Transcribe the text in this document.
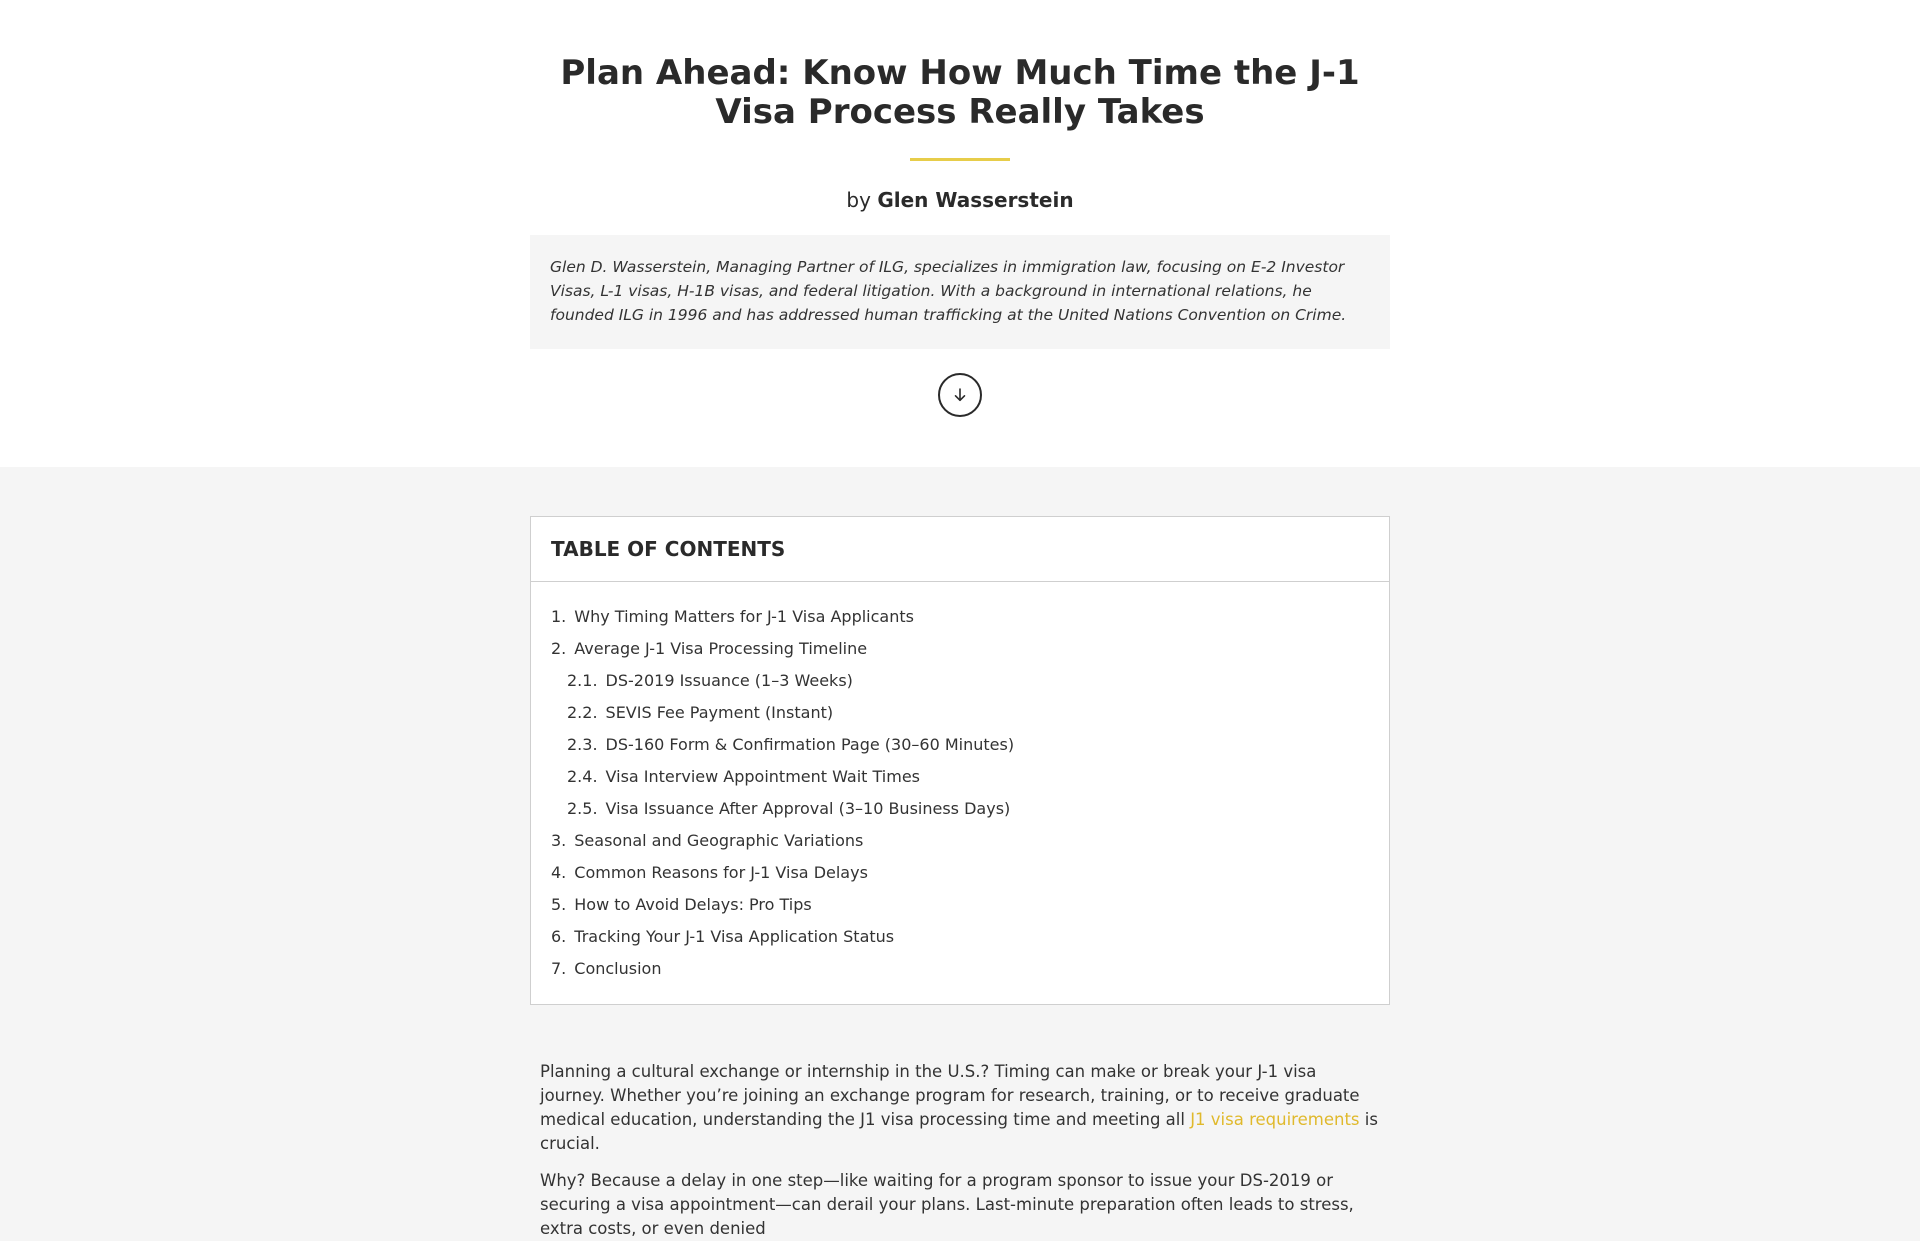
Plan Ahead: Know How Much Time the J-1 Visa Process Really Takes
by Glen Wasserstein
Glen D. Wasserstein, Managing Partner of ILG, specializes in immigration law, focusing on E-2 Investor Visas, L-1 visas, H-1B visas, and federal litigation. With a background in international relations, he founded ILG in 1996 and has addressed human trafficking at the United Nations Convention on Crime.
TABLE OF CONTENTS
1. Why Timing Matters for J-1 Visa Applicants
2. Average J-1 Visa Processing Timeline
2.1. DS-2019 Issuance (1–3 Weeks)
2.2. SEVIS Fee Payment (Instant)
2.3. DS-160 Form & Confirmation Page (30–60 Minutes)
2.4. Visa Interview Appointment Wait Times
2.5. Visa Issuance After Approval (3–10 Business Days)
3. Seasonal and Geographic Variations
4. Common Reasons for J-1 Visa Delays
5. How to Avoid Delays: Pro Tips
6. Tracking Your J-1 Visa Application Status
7. Conclusion

Planning a cultural exchange or internship in the U.S.? Timing can make or break your J-1 visa journey. Whether you’re joining an exchange program for research, training, or to receive graduate medical education, understanding the J1 visa processing time and meeting all J1 visa requirements is crucial.

Why? Because a delay in one step—like waiting for a program sponsor to issue your DS-2019 or securing a visa appointment—can derail your plans. Last-minute preparation often leads to stress, extra costs, or even denied
